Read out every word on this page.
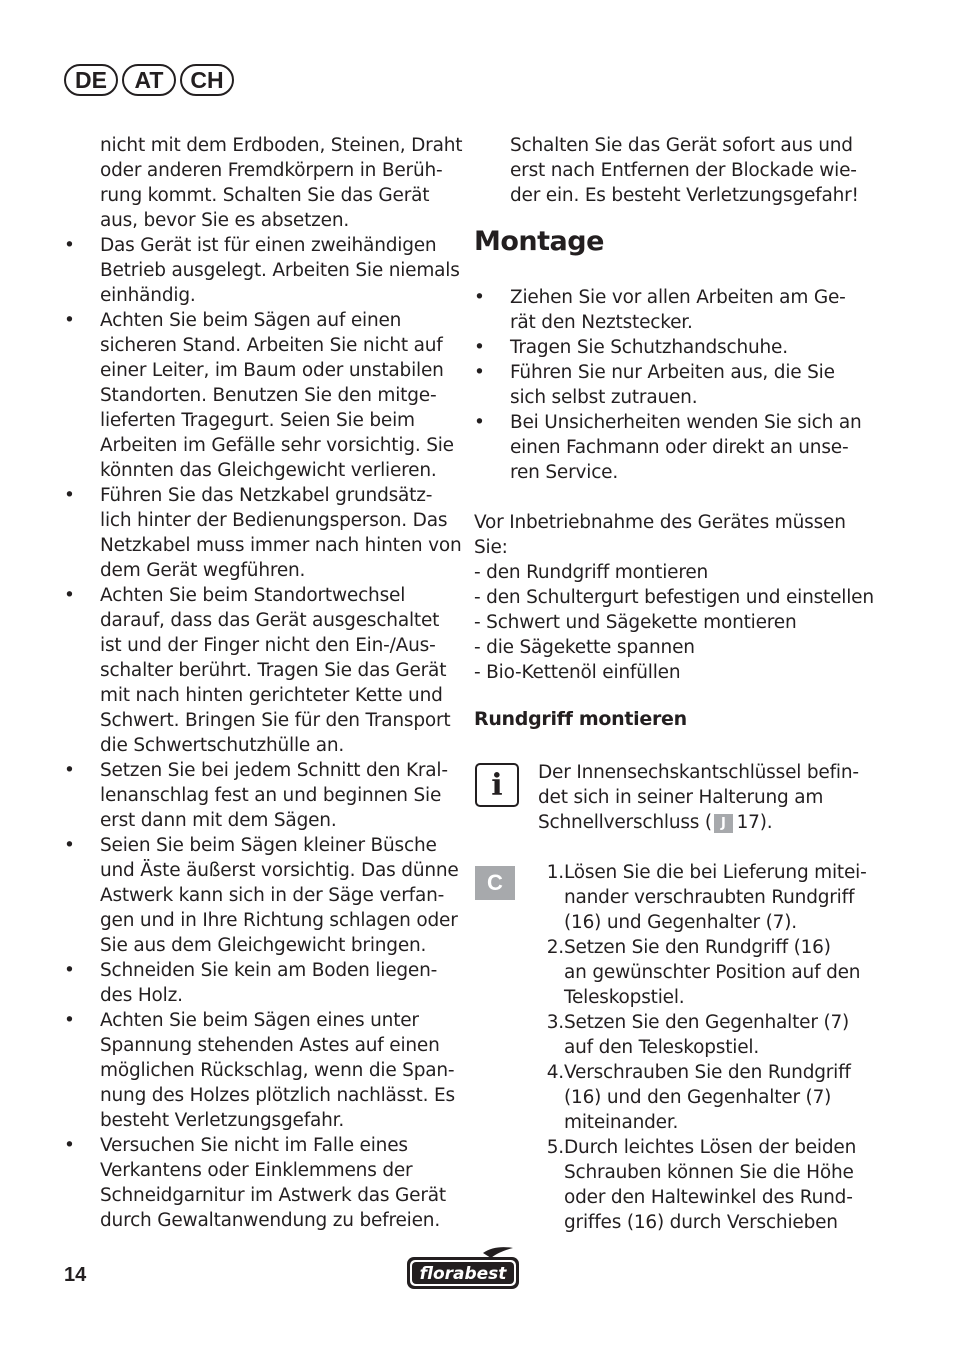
DE	AT	CH
nicht mit dem Erdboden, Steinen, Draht
oder anderen Fremdkörpern in Berüh-
rung kommt. Schalten Sie das Gerät
aus, bevor Sie es absetzen.
• Das Gerät ist für einen zweihändigen
Betrieb ausgelegt. Arbeiten Sie niemals
einhändig.
• Achten Sie beim Sägen auf einen
sicheren Stand. Arbeiten Sie nicht auf
einer Leiter, im Baum oder unstabilen
Standorten. Benutzen Sie den mitge-
lieferten Tragegurt. Seien Sie beim
Arbeiten im Gefälle sehr vorsichtig. Sie
könnten das Gleichgewicht verlieren.
• Führen Sie das Netzkabel grundsätz-
lich hinter der Bedienungsperson. Das
Netzkabel muss immer nach hinten von
dem Gerät wegführen.
• Achten Sie beim Standortwechsel
darauf, dass das Gerät ausgeschaltet
ist und der Finger nicht den Ein-/Aus-
schalter berührt. Tragen Sie das Gerät
mit nach hinten gerichteter Kette und
Schwert. Bringen Sie für den Transport
die Schwertschutzhülle an.
• Setzen Sie bei jedem Schnitt den Kral-
lenanschlag fest an und beginnen Sie
erst dann mit dem Sägen.
• Seien Sie beim Sägen kleiner Büsche
und Äste äußerst vorsichtig. Das dünne
Astwerk kann sich in der Säge verfan-
gen und in Ihre Richtung schlagen oder
Sie aus dem Gleichgewicht bringen.
• Schneiden Sie kein am Boden liegen-
des Holz.
• Achten Sie beim Sägen eines unter
Spannung stehenden Astes auf einen
möglichen Rückschlag, wenn die Span-
nung des Holzes plötzlich nachlässt. Es
besteht Verletzungsgefahr.
• Versuchen Sie nicht im Falle eines
Verkantens oder Einklemmens der
Schneidgarnitur im Astwerk das Gerät
durch Gewaltanwendung zu befreien.
Schalten Sie das Gerät sofort aus und
erst nach Entfernen der Blockade wie-
der ein. Es besteht Verletzungsgefahr!
Montage
• Ziehen Sie vor allen Arbeiten am Ge-
rät den Neztstecker.
• Tragen Sie Schutzhandschuhe.
• Führen Sie nur Arbeiten aus, die Sie
sich selbst zutrauen.
• Bei Unsicherheiten wenden Sie sich an
einen Fachmann oder direkt an unse-
ren Service.
Vor Inbetriebnahme des Gerätes müssen
Sie:
- den Rundgriff montieren
- den Schultergurt befestigen und einstellen
- Schwert und Sägekette montieren
- die Sägekette spannen
- Bio-Kettenöl einfüllen
Rundgriff montieren
i	Der Innensechskantschlüssel befin-
det sich in seiner Halterung am
Schnellverschluss ( J 17).
C	1. Lösen Sie die bei Lieferung mitei-
nander verschraubten Rundgriff
(16) und Gegenhalter (7).
2. Setzen Sie den Rundgriff (16)
an gewünschter Position auf den
Teleskopstiel.
3. Setzen Sie den Gegenhalter (7)
auf den Teleskopstiel.
4. Verschrauben Sie den Rundgriff
(16) und den Gegenhalter (7)
miteinander.
5. Durch leichtes Lösen der beiden
Schrauben können Sie die Höhe
oder den Haltewinkel des Rund-
griffes (16) durch Verschieben
14	florabest
